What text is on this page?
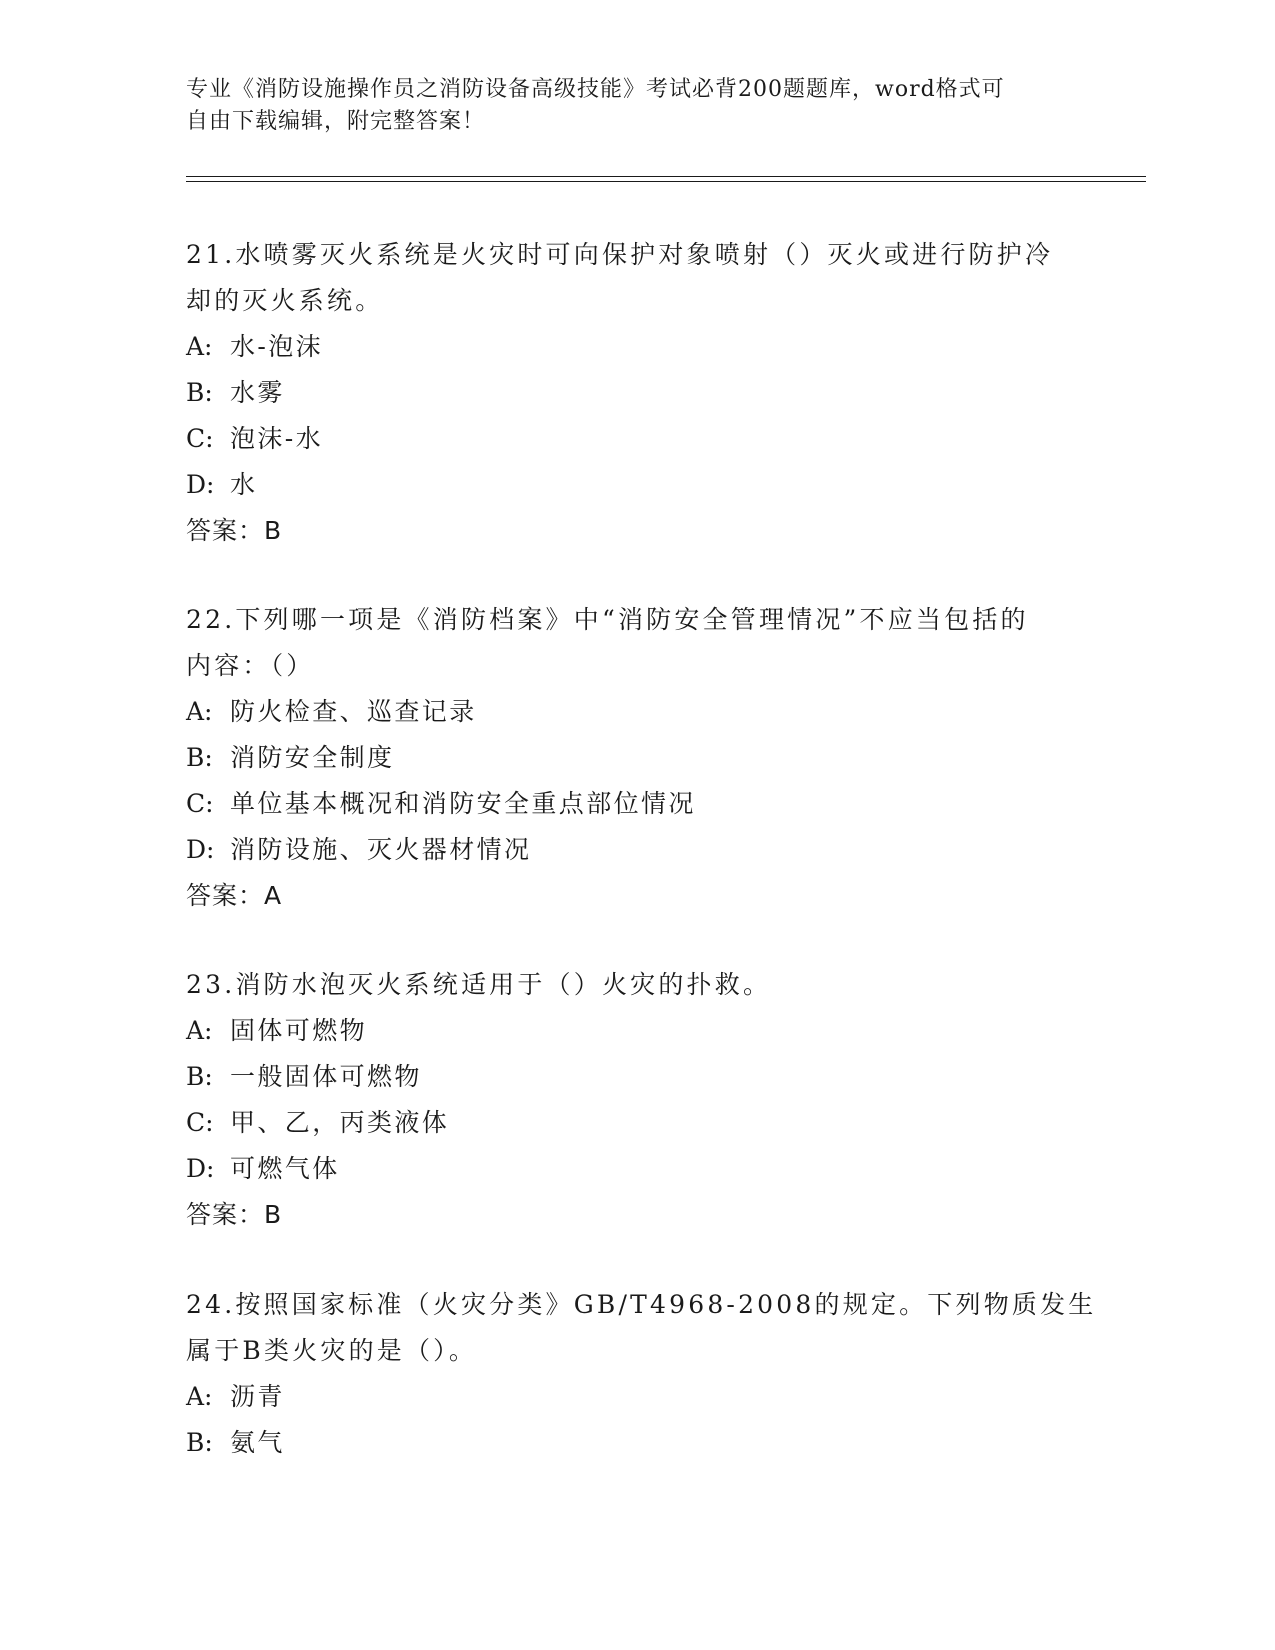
专业《消防设施操作员之消防设备高级技能》考试必背200题题库，word格式可
自由下载编辑，附完整答案！
21.水喷雾灭火系统是火灾时可向保护对象喷射（）灭火或进行防护冷
却的灭火系统。
A: 水-泡沫
B: 水雾
C: 泡沫-水
D: 水
答案：B
22.下列哪一项是《消防档案》中“消防安全管理情况”不应当包括的
内容：（）
A: 防火检查、巡查记录
B: 消防安全制度
C: 单位基本概况和消防安全重点部位情况
D: 消防设施、灭火器材情况
答案：A
23.消防水泡灭火系统适用于（）火灾的扑救。
A: 固体可燃物
B: 一般固体可燃物
C: 甲、乙，丙类液体
D: 可燃气体
答案：B
24.按照国家标准（火灾分类》GB/T4968-2008的规定。下列物质发生
属于B类火灾的是（）。
A: 沥青
B: 氨气
